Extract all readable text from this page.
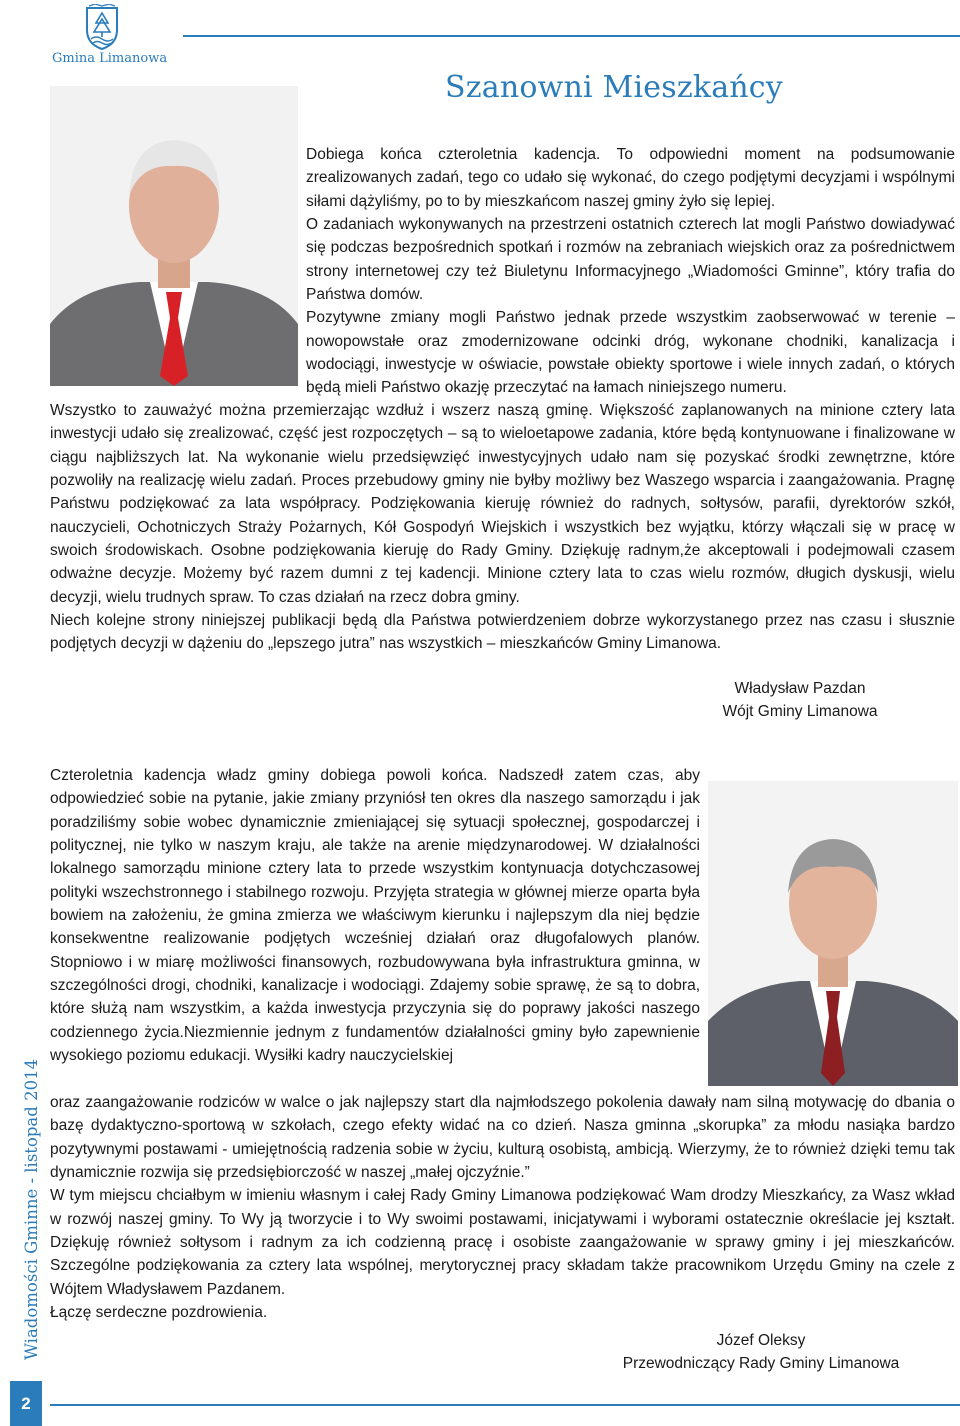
Gmina Limanowa
Szanowni Mieszkańcy

Dobiega końca czteroletnia kadencja. To odpowiedni moment na podsumowanie zrealizowanych zadań, tego co udało się wykonać, do czego podjętymi decyzjami i wspólnymi siłami dążyliśmy, po to by mieszkańcom naszej gminy żyło się lepiej.

O zadaniach wykonywanych na przestrzeni ostatnich czterech lat mogli Państwo dowiadywać się podczas bezpośrednich spotkań i rozmów na zebraniach wiejskich oraz za pośrednictwem strony internetowej czy też Biuletynu Informacyjnego „Wiadomości Gminne”, który trafia do Państwa domów.

Pozytywne zmiany mogli Państwo jednak przede wszystkim zaobserwować w terenie – nowopowstałe oraz zmodernizowane odcinki dróg, wykonane chodniki, kanalizacja i wodociągi, inwestycje w oświacie, powstałe obiekty sportowe i wiele innych zadań, o których będą mieli Państwo okazję przeczytać na łamach niniejszego numeru.

Wszystko to zauważyć można przemierzając wzdłuż i wszerz naszą gminę. Większość zaplanowanych na minione cztery lata inwestycji udało się zrealizować, część jest rozpoczętych – są to wieloetapowe zadania, które będą kontynuowane i finalizowane w ciągu najbliższych lat. Na wykonanie wielu przedsięwzięć inwestycyjnych udało nam się pozyskać środki zewnętrzne, które pozwoliły na realizację wielu zadań. Proces przebudowy gminy nie byłby możliwy bez Waszego wsparcia i zaangażowania. Pragnę Państwu podziękować za lata współpracy. Podziękowania kieruję również do radnych, sołtysów, parafii, dyrektorów szkół, nauczycieli, Ochotniczych Straży Pożarnych, Kół Gospodyń Wiejskich i wszystkich bez wyjątku, którzy włączali się w pracę w swoich środowiskach. Osobne podziękowania kieruję do Rady Gminy. Dziękuję radnym,że akceptowali i podejmowali czasem odważne decyzje. Możemy być razem dumni z tej kadencji. Minione cztery lata to czas wielu rozmów, długich dyskusji, wielu decyzji, wielu trudnych spraw. To czas działań na rzecz dobra gminy.

Niech kolejne strony niniejszej publikacji będą dla Państwa potwierdzeniem dobrze wykorzystanego przez nas czasu i słusznie podjętych decyzji w dążeniu do „lepszego jutra” nas wszystkich – mieszkańców Gminy Limanowa.

Władysław Pazdan
Wójt Gminy Limanowa

Czteroletnia kadencja władz gminy dobiega powoli końca. Nadszedł zatem czas, aby odpowiedzieć sobie na pytanie, jakie zmiany przyniósł ten okres dla naszego samorządu i jak poradziliśmy sobie wobec dynamicznie zmieniającej się sytuacji społecznej, gospodarczej i politycznej, nie tylko w naszym kraju, ale także na arenie międzynarodowej. W działalności lokalnego samorządu minione cztery lata to przede wszystkim kontynuacja dotychczasowej polityki wszechstronnego i stabilnego rozwoju. Przyjęta strategia w głównej mierze oparta była bowiem na założeniu, że gmina zmierza we właściwym kierunku i najlepszym dla niej będzie konsekwentne realizowanie podjętych wcześniej działań oraz długofalowych planów. Stopniowo i w miarę możliwości finansowych, rozbudowywana była infrastruktura gminna, w szczególności drogi, chodniki, kanalizacje i wodociągi. Zdajemy sobie sprawę, że są to dobra, które służą nam wszystkim, a każda inwestycja przyczynia się do poprawy jakości naszego codziennego życia.Niezmiennie jednym z fundamentów działalności gminy było zapewnienie wysokiego poziomu edukacji. Wysiłki kadry nauczycielskiej

oraz zaangażowanie rodziców w walce o jak najlepszy start dla najmłodszego pokolenia dawały nam silną motywację do dbania o bazę dydaktyczno-sportową w szkołach, czego efekty widać na co dzień. Nasza gminna „skorupka” za młodu nasiąka bardzo pozytywnymi postawami - umiejętnością radzenia sobie w życiu, kulturą osobistą, ambicją. Wierzymy, że to również dzięki temu tak dynamicznie rozwija się przedsiębiorczość w naszej „małej ojczyźnie.”

W tym miejscu chciałbym w imieniu własnym i całej Rady Gminy Limanowa podziękować Wam drodzy Mieszkańcy, za Wasz wkład w rozwój naszej gminy. To Wy ją tworzycie i to Wy swoimi postawami, inicjatywami i wyborami ostatecznie określacie jej kształt. Dziękuję również sołtysom i radnym za ich codzienną pracę i osobiste zaangażowanie w sprawy gminy i jej mieszkańców. Szczególne podziękowania za cztery lata wspólnej, merytorycznej pracy składam także pracownikom Urzędu Gminy na czele z Wójtem Władysławem Pazdanem.

Łączę serdeczne pozdrowienia.

Józef Oleksy
Przewodniczący Rady Gminy Limanowa
Wiadomości Gminne - listopad 2014
2
